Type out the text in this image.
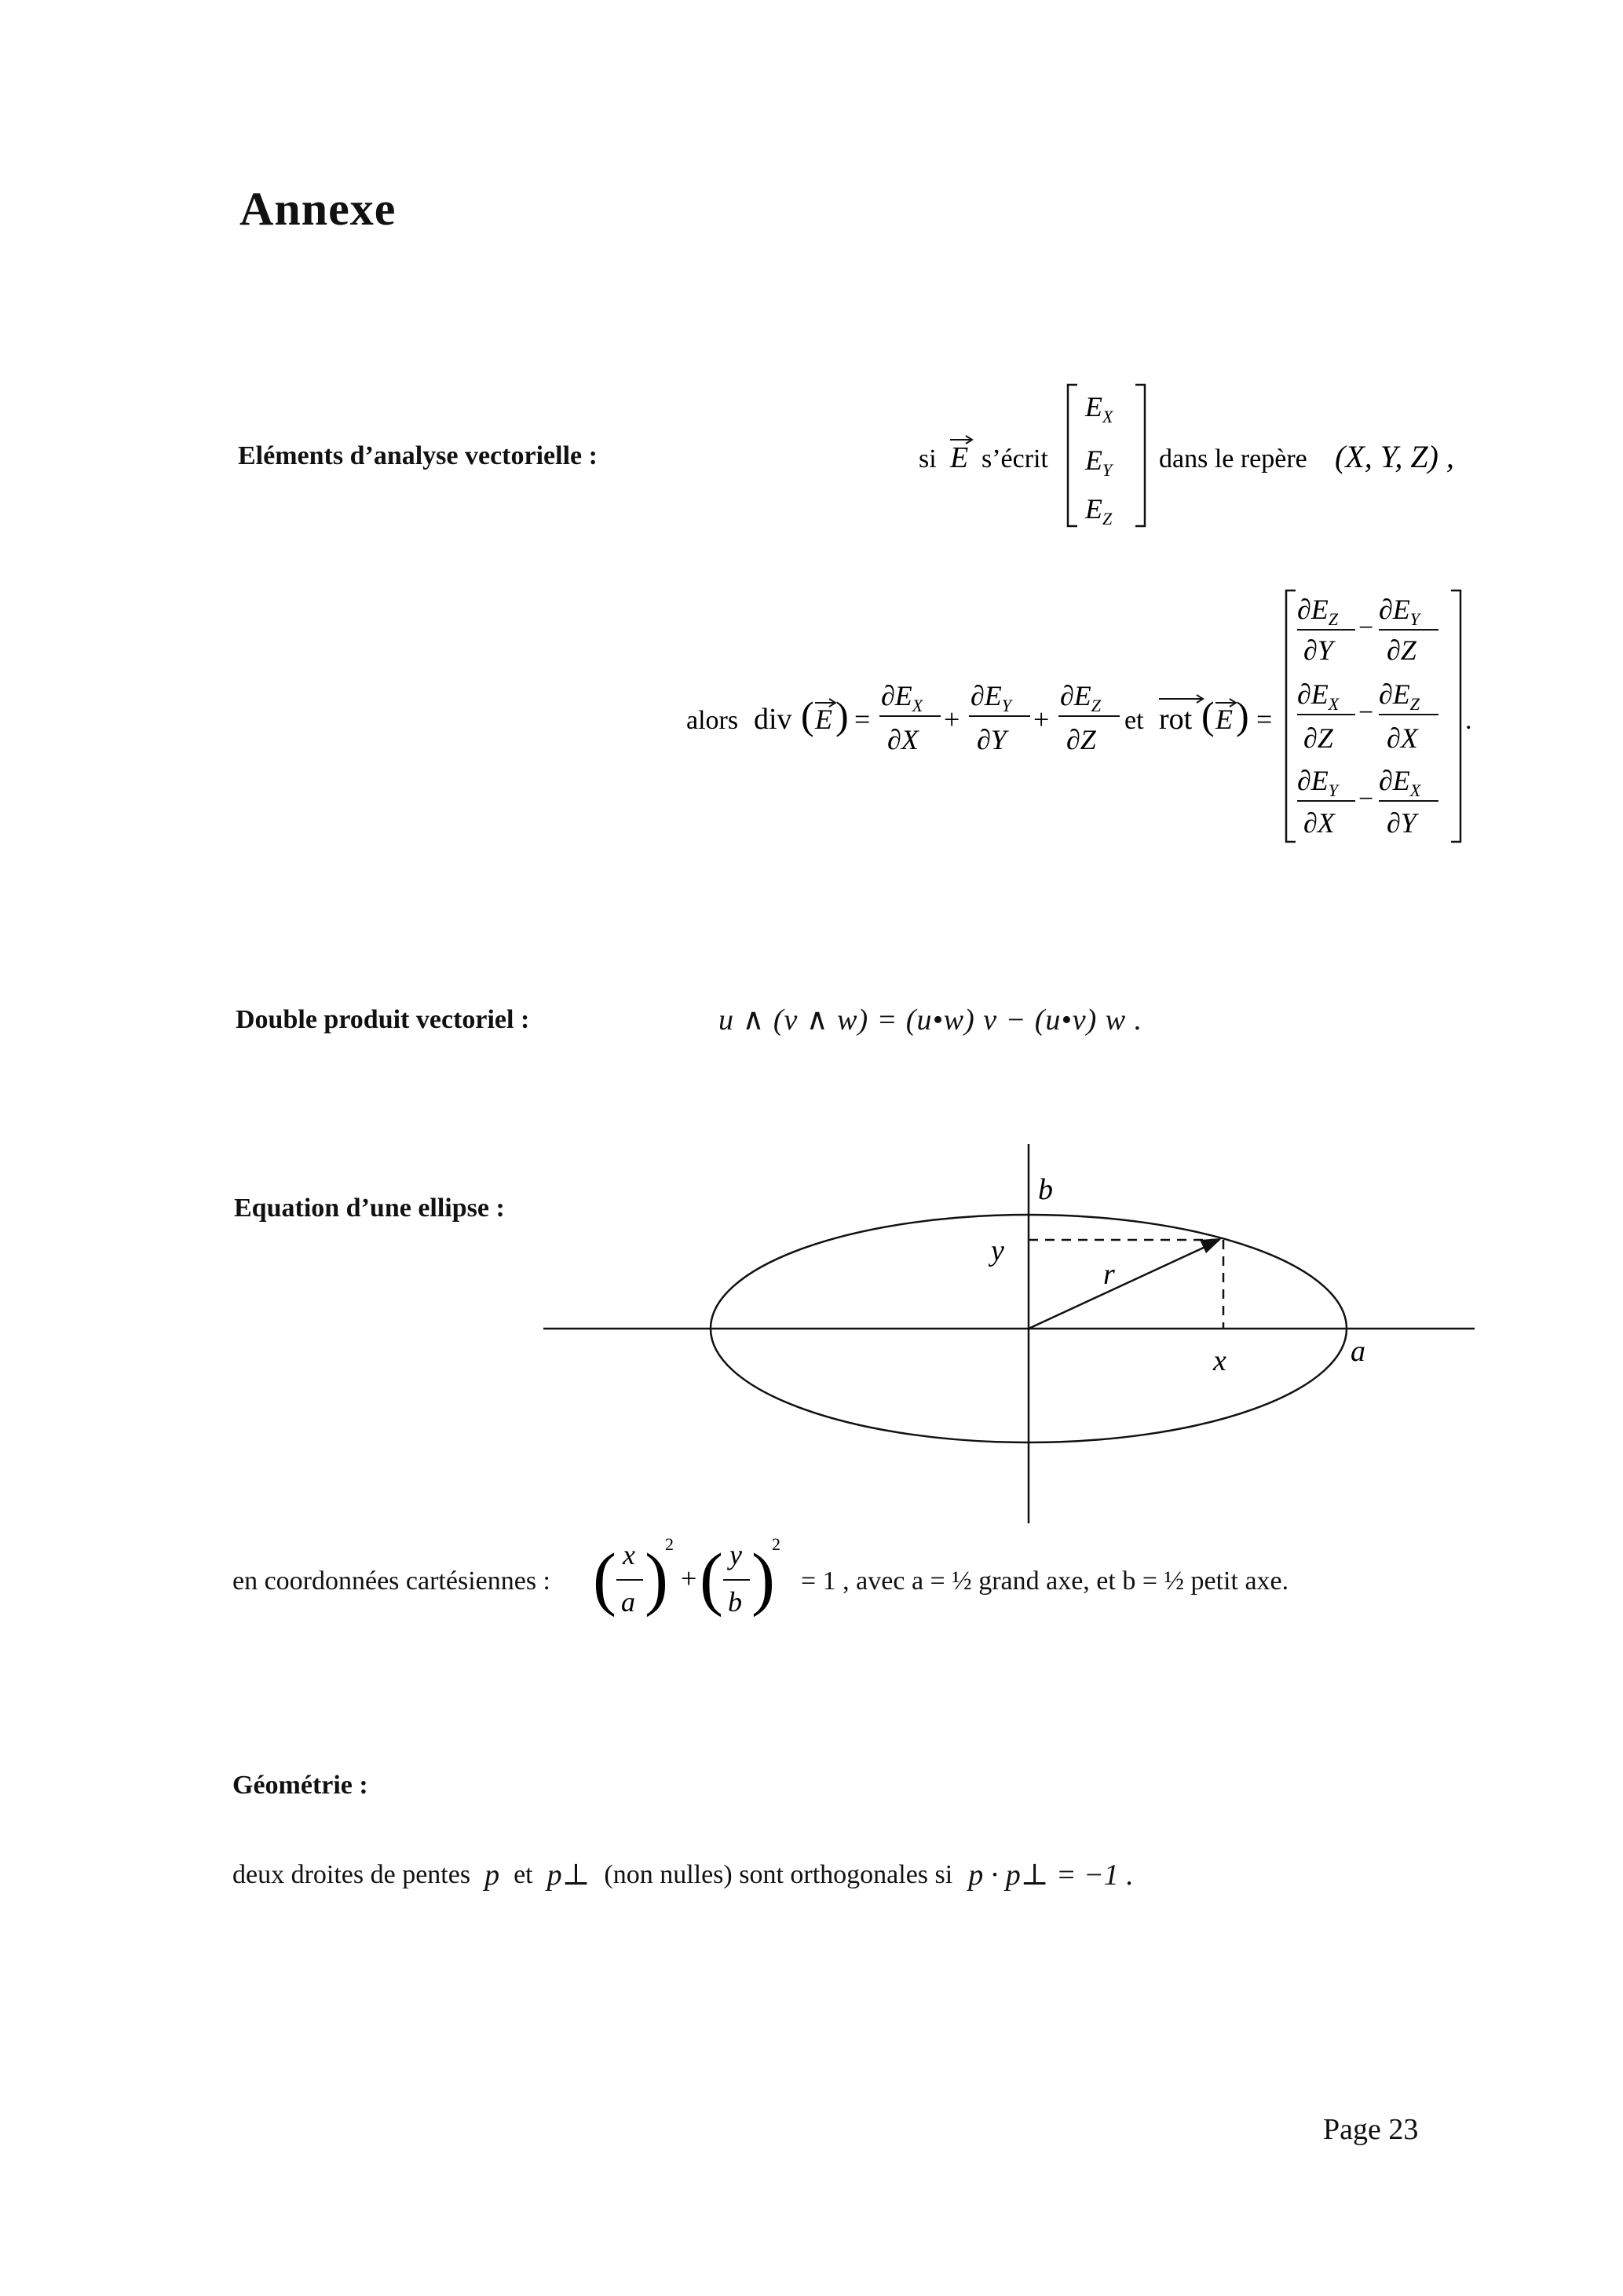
Annexe
Eléments d’analyse vectorielle :	si E s’écrit
$E_X$
$E_Y$
$E_Z$
dans le repère (X, Y, Z) ,
alors div ( E ) =
$\partial E_X$
∂X
+
$\partial E_Y$
∂Y
+
$\partial E_Z$
∂Z
et rot ( E ) =
$\partial E_Z$
∂Y
−
$\partial E_Y$
∂Z
$\partial E_X$
∂Z
−
$\partial E_Z$
∂X
$\partial E_Y$
∂X
−
$\partial E_X$
∂Y
.
Double produit vectoriel :	u ∧ (v ∧ w) = (u•w) v − (u•v) w .
Equation d’une ellipse :
b
y
r
x	a
en coordonnées cartésiennes : ( x
a )
2
+ ( y
b )
2
= 1 , avec a = ½ grand axe, et b = ½ petit axe.
Géométrie :
deux droites de pentes p et p⊥ (non nulles) sont orthogonales si p · p⊥ = −1 .
Page 23
